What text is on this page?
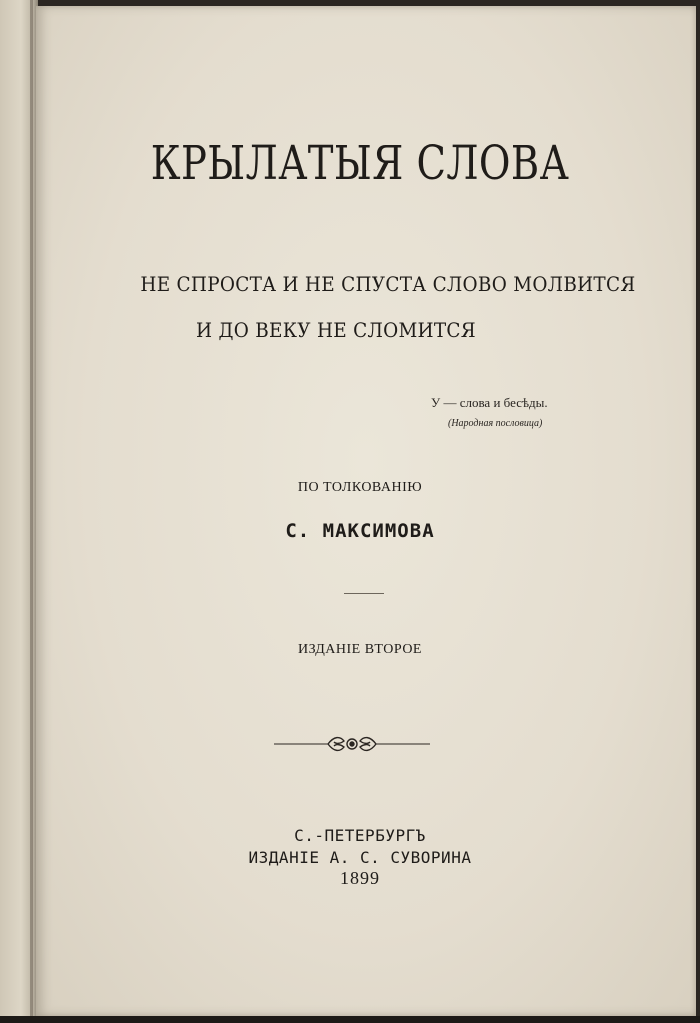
КРЫЛАТЫЯ СЛОВА
НЕ СПРОСТА И НЕ СПУСТА СЛОВО МОЛВИТСЯ
И ДО ВЕКУ НЕ СЛОМИТСЯ
У — слова и бесѣды.
(Народная пословица)
ПО ТОЛКОВАНІЮ
С. МАКСИМОВА
ИЗДАНІЕ ВТОРОЕ
С.-ПЕТЕРБУРГЪ
ИЗДАНІЕ А. С. СУВОРИНА
1899
